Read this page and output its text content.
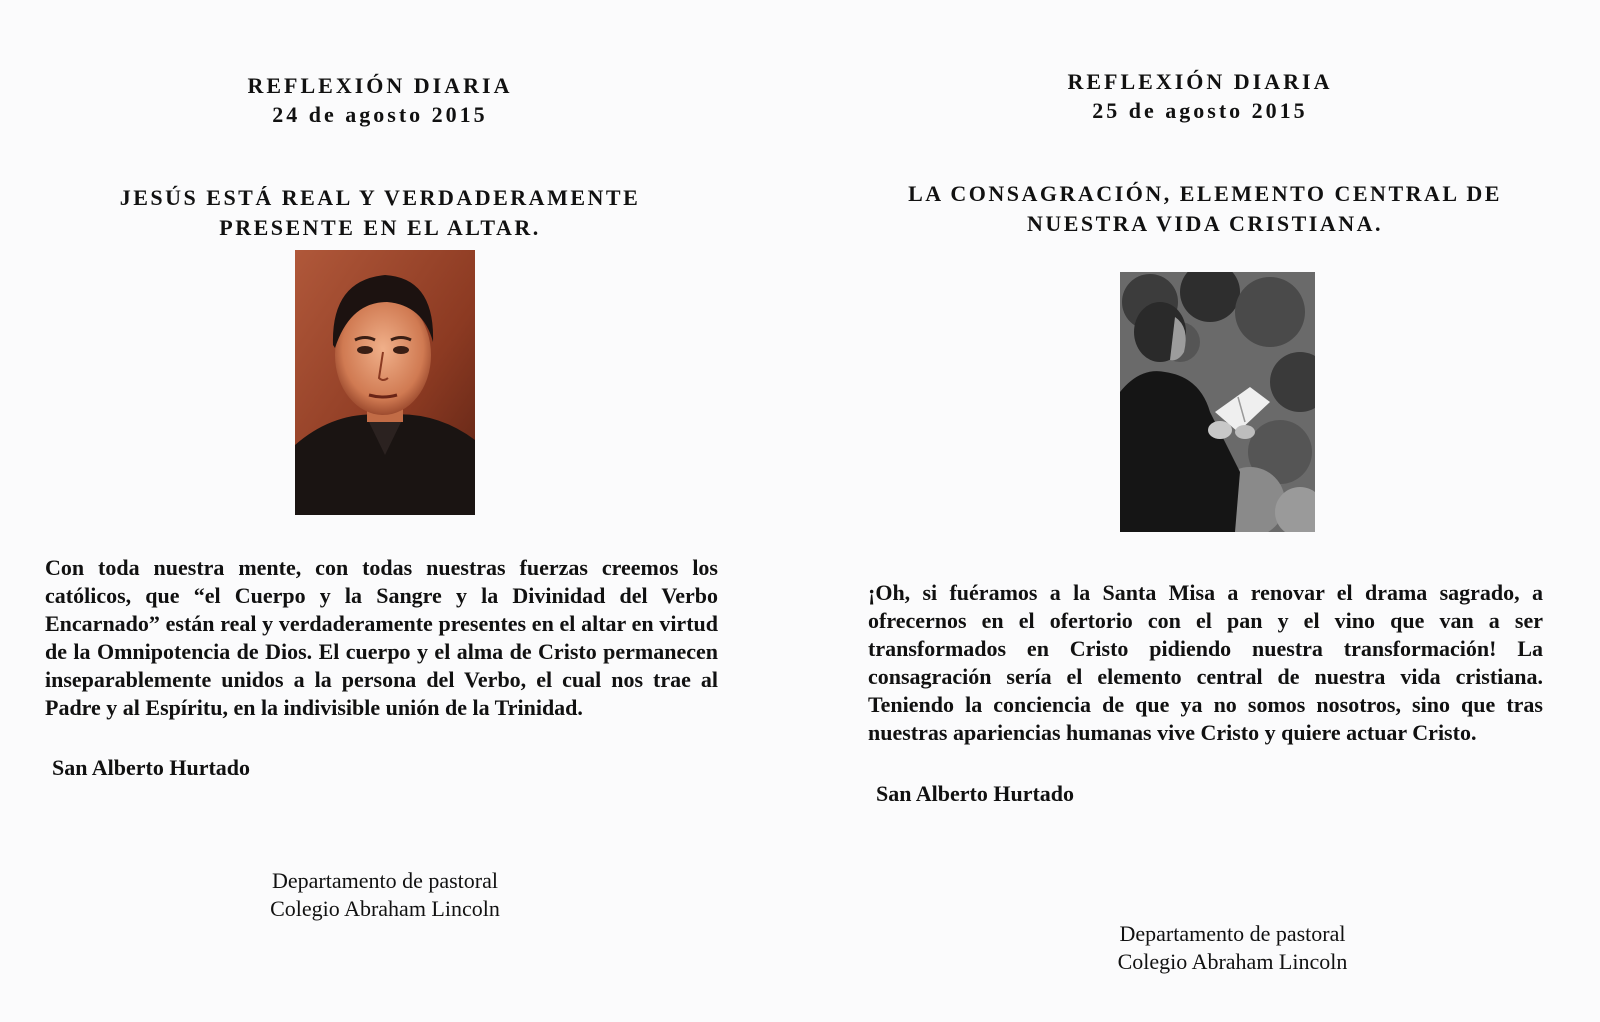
REFLEXIÓN DIARIA
24 de agosto 2015
JESÚS ESTÁ REAL Y VERDADERAMENTE
PRESENTE EN EL ALTAR.
Con toda nuestra mente, con todas nuestras fuerzas creemos los católicos, que “el Cuerpo y la Sangre y la Divinidad del Verbo Encarnado” están real y verdaderamente presentes en el altar en virtud de la Omnipotencia de Dios. El cuerpo y el alma de Cristo permanecen inseparablemente unidos a la persona del Verbo, el cual nos trae al Padre y al Espíritu, en la indivisible unión de la Trinidad.
San Alberto Hurtado
Departamento de pastoral
Colegio Abraham Lincoln
REFLEXIÓN DIARIA
25 de agosto 2015
LA CONSAGRACIÓN, ELEMENTO CENTRAL DE
NUESTRA VIDA CRISTIANA.
¡Oh, si fuéramos a la Santa Misa a renovar el drama sagrado, a ofrecernos en el ofertorio con el pan y el vino que van a ser transformados en Cristo pidiendo nuestra transformación! La consagración sería el elemento central de nuestra vida cristiana. Teniendo la conciencia de que ya no somos nosotros, sino que tras nuestras apariencias humanas vive Cristo y quiere actuar Cristo.
San Alberto Hurtado
Departamento de pastoral
Colegio Abraham Lincoln
